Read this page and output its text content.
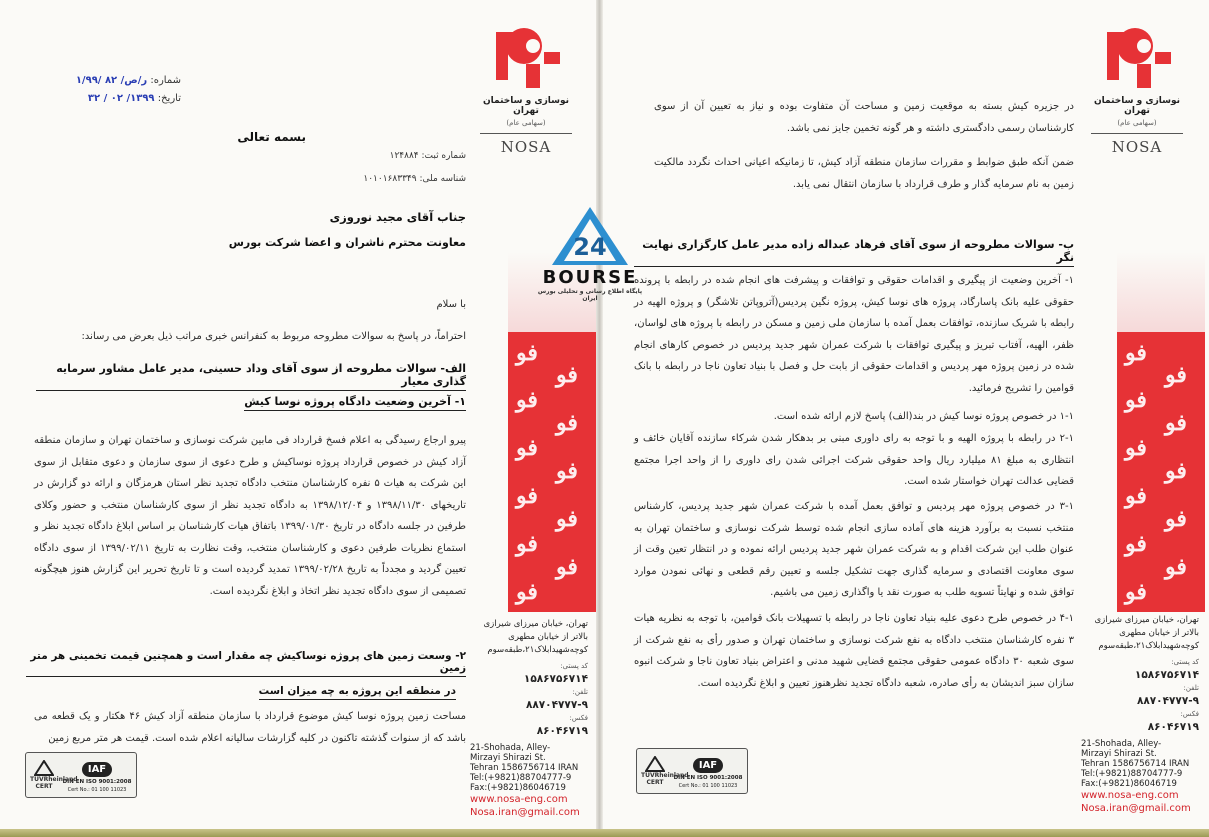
نوسازی و ساختمان تهران
(سهامی عام)
NOSA
شماره: ر/ص/ ۸۲ /۱/۹۹
تاریخ: ۱۳۹۹/ ۰۲ / ۳۲
بسمه تعالی
شماره ثبت: ۱۲۴۸۸۴
شناسه ملی: ۱۰۱۰۱۶۸۳۳۴۹
جناب آقای مجید نوروزی
معاونت محترم ناشران و اعضا شرکت بورس
با سلام
احتراماً، در پاسخ به سوالات مطروحه مربوط به کنفرانس خبری مراتب ذیل بعرض می رساند:
الف- سوالات مطروحه از سوی آقای وداد حسینی، مدیر عامل مشاور سرمایه گذاری معیار
۱- آخرین وضعیت دادگاه پروژه نوسا کیش
پیرو ارجاع رسیدگی به اعلام فسخ قرارداد فی مابین شرکت نوسازی و ساختمان تهران و سازمان منطقه آزاد کیش در خصوص قرارداد پروژه نوساکیش و طرح دعوی از سوی سازمان و دعوی متقابل از سوی این شرکت به هیات ۵ نفره کارشناسان منتخب دادگاه تجدید نظر استان هرمزگان و ارائه دو گزارش در تاریخهای ۱۳۹۸/۱۱/۳۰ و ۱۳۹۸/۱۲/۰۴ به دادگاه تجدید نظر از سوی کارشناسان منتخب و حضور وکلای طرفین در جلسه دادگاه در تاریخ ۱۳۹۹/۰۱/۳۰ باتفاق هیات کارشناسان بر اساس ابلاغ دادگاه تجدید نظر و استماع نظریات طرفین دعوی و کارشناسان منتخب، وقت نظارت به تاریخ ۱۳۹۹/۰۲/۱۱ از سوی دادگاه تعیین گردید و مجدداً به تاریخ ۱۳۹۹/۰۲/۲۸ تمدید گردیده است و تا تاریخ تحریر این گزارش هنوز هیچگونه تصمیمی از سوی دادگاه تجدید نظر اتخاذ و ابلاغ نگردیده است.
۲- وسعت زمین های پروژه نوساکیش چه مقدار است و همچنین قیمت تخمینی هر متر زمین
در منطقه این پروژه به چه میزان است
مساحت زمین پروژه نوسا کیش موضوع قرارداد با سازمان منطقه آزاد کیش ۴۶ هکتار و یک قطعه می باشد که از سنوات گذشته تاکنون در کلیه گزارشات سالیانه اعلام شده است. قیمت هر متر مربع زمین
ﻓﻮ
ﻓﻮ
ﻓﻮ
ﻓﻮ
ﻓﻮ
ﻓﻮ
ﻓﻮ
ﻓﻮ
ﻓﻮ
ﻓﻮ
ﻓﻮ
تهران، خیابان میرزای شیرازی
بالاتر از خیابان مطهری
کوچه‌شهیدابلاک۲۱،طبقه‌سوم
کد پستی:
۱۵۸۶۷۵۶۷۱۴
تلفن:
۸۸۷۰۴۷۷۷-۹
فکس:
۸۶۰۴۶۷۱۹
21-Shohada, Alley-
Mirzayi Shirazi St.
Tehran 1586756714 IRAN
Tel:(+9821)88704777-9
Fax:(+9821)86046719
www.nosa-eng.com
Nosa.iran@gmail.com
TÜVRheinland CERT
IAF
DIN EN ISO 9001:2008
Cert No.: 01 100 11023
نوسازی و ساختمان تهران
(سهامی عام)
NOSA
در جزیره کیش بسته به موقعیت زمین و مساحت آن متفاوت بوده و نیاز به تعیین آن از سوی کارشناسان رسمی دادگستری داشته و هر گونه تخمین جایز نمی باشد.
ضمن آنکه طبق ضوابط و مقررات سازمان منطقه آزاد کیش، تا زمانیکه اعیانی احداث نگردد مالکیت زمین به نام سرمایه گذار و طرف قرارداد با سازمان انتقال نمی یابد.
ب- سوالات مطروحه از سوی آقای فرهاد عبداله زاده مدیر عامل کارگزاری نهایت نگر
۱- آخرین وضعیت از پیگیری و اقدامات حقوقی و توافقات و پیشرفت های انجام شده در رابطه با پرونده حقوقی علیه بانک پاسارگاد، پروژه های نوسا کیش، پروژه نگین پردیس(آتروپاتن تلاشگر) و پروژه الهیه در رابطه با شریک سازنده، توافقات بعمل آمده با سازمان ملی زمین و مسکن در رابطه با پروژه های لواسان، ظفر، الهیه، آفتاب تبریز و پیگیری توافقات با شرکت عمران شهر جدید پردیس در خصوص کارهای انجام شده در زمین پروژه مهر پردیس و اقدامات حقوقی از بابت حل و فصل با بنیاد تعاون ناجا در رابطه با بانک قوامین را تشریح فرمائید.
۱-۱ در خصوص پروژه نوسا کیش در بند(الف) پاسخ لازم ارائه شده است.
۲-۱ در رابطه با پروژه الهیه و با توجه به رای داوری مبنی بر بدهکار شدن شرکاء سازنده آقایان خائف و انتظاری به مبلغ ۸۱ میلیارد ریال واحد حقوقی شرکت اجرائی شدن رای داوری را از واحد اجرا مجتمع قضایی عدالت تهران خواستار شده است.
۳-۱ در خصوص پروژه مهر پردیس و توافق بعمل آمده با شرکت عمران شهر جدید پردیس، کارشناس منتخب نسبت به برآورد هزینه های آماده سازی انجام شده توسط شرکت نوسازی و ساختمان تهران به عنوان طلب این شرکت اقدام و به شرکت عمران شهر جدید پردیس ارائه نموده و در انتظار تعین وقت از سوی معاونت اقتصادی و سرمایه گذاری جهت تشکیل جلسه و تعیین رقم قطعی و نهائی نمودن موارد توافق شده و نهایتاً تسویه طلب به صورت نقد یا واگذاری زمین می باشیم.
۴-۱ در خصوص طرح دعوی علیه بنیاد تعاون ناجا در رابطه با تسهیلات بانک قوامین، با توجه به نظریه هیات ۳ نفره کارشناسان منتخب دادگاه به نفع شرکت نوسازی و ساختمان تهران و صدور رأی به نفع شرکت از سوی شعبه ۳۰ دادگاه عمومی حقوقی مجتمع قضایی شهید مدنی و اعتراض بنیاد تعاون ناجا و شرکت انبوه سازان سبز اندیشان به رأی صادره، شعبه دادگاه تجدید نظرهنوز تعیین و ابلاغ نگردیده است.
ﻓﻮ
ﻓﻮ
ﻓﻮ
ﻓﻮ
ﻓﻮ
ﻓﻮ
ﻓﻮ
ﻓﻮ
ﻓﻮ
ﻓﻮ
ﻓﻮ
تهران، خیابان میرزای شیرازی
بالاتر از خیابان مطهری
کوچه‌شهیدابلاک۲۱،طبقه‌سوم
کد پستی:
۱۵۸۶۷۵۶۷۱۴
تلفن:
۸۸۷۰۴۷۷۷-۹
فکس:
۸۶۰۴۶۷۱۹
21-Shohada, Alley-
Mirzayi Shirazi St.
Tehran 1586756714 IRAN
Tel:(+9821)88704777-9
Fax:(+9821)86046719
www.nosa-eng.com
Nosa.iran@gmail.com
TÜVRheinland CERT
IAF
DIN EN ISO 9001:2008
Cert No.: 01 100 11023
24
BOURSE
پایگاه اطلاع رسانی و تحلیلی بورس ایران
